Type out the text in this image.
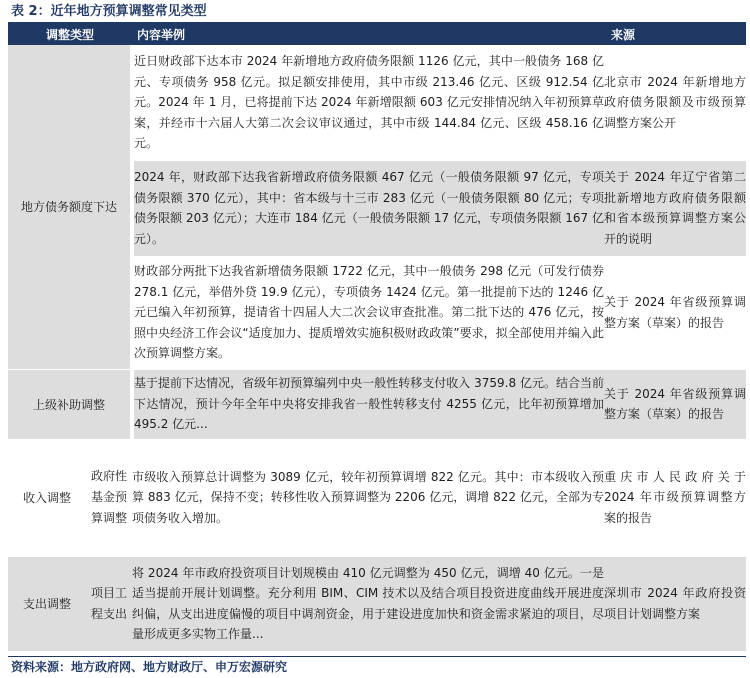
表 2：近年地方预算调整常见类型
调整类型		内容举例	来源
地方债务额度下达		近日财政部下达本市 2024 年新增地方政府债务限额 1126 亿元，其中一般债务 168 亿元、专项债务 958 亿元。拟足额安排使用，其中市级 213.46 亿元、区级 912.54 亿元。2024 年 1 月，已将提前下达 2024 年新增限额 603 亿元安排情况纳入年初预算草案，并经市十六届人大第二次会议审议通过，其中市级 144.84 亿元、区级 458.16 亿元。	北京市 2024 年新增地方政府债务限额及市级预算调整方案公开
		2024 年，财政部下达我省新增政府债务限额 467 亿元（一般债务限额 97 亿元，专项债务限额 370 亿元），其中：省本级与十三市 283 亿元（一般债务限额 80 亿元；专项债务限额 203 亿元）；大连市 184 亿元（一般债务限额 17 亿元，专项债务限额 167 亿元）。	关于 2024 年辽宁省第二批新增地方政府债务限额和省本级预算调整方案公开的说明
		财政部分两批下达我省新增债务限额 1722 亿元，其中一般债务 298 亿元（可发行债券 278.1 亿元，举借外贷 19.9 亿元），专项债务 1424 亿元。第一批提前下达的 1246 亿元已编入年初预算，提请省十四届人大二次会议审查批准。第二批下达的 476 亿元，按照中央经济工作会议“适度加力、提质增效实施积极财政政策”要求，拟全部使用并编入此次预算调整方案。	关于 2024 年省级预算调整方案（草案）的报告
上级补助调整		基于提前下达情况，省级年初预算编列中央一般性转移支付收入 3759.8 亿元。结合当前下达情况，预计今年全年中央将安排我省一般性转移支付 4255 亿元，比年初预算增加 495.2 亿元...	关于 2024 年省级预算调整方案（草案）的报告
收入调整	政府性基金预算调整	市级收入预算总计调整为 3089 亿元，较年初预算调增 822 亿元。其中：市本级收入预算 883 亿元，保持不变；转移性收入预算调整为 2206 亿元，调增 822 亿元，全部为专项债务收入增加。	重庆市人民政府关于 2024 年市级预算调整方案的报告
支出调整	项目工程支出	将 2024 年市政府投资项目计划规模由 410 亿元调整为 450 亿元，调增 40 亿元。一是适当提前开展计划调整。充分利用 BIM、CIM 技术以及结合项目投资进度曲线开展进度纠偏，从支出进度偏慢的项目中调剂资金，用于建设进度加快和资金需求紧迫的项目，尽量形成更多实物工作量...	深圳市 2024 年政府投资项目计划调整方案
资料来源：地方政府网、地方财政厅、申万宏源研究
